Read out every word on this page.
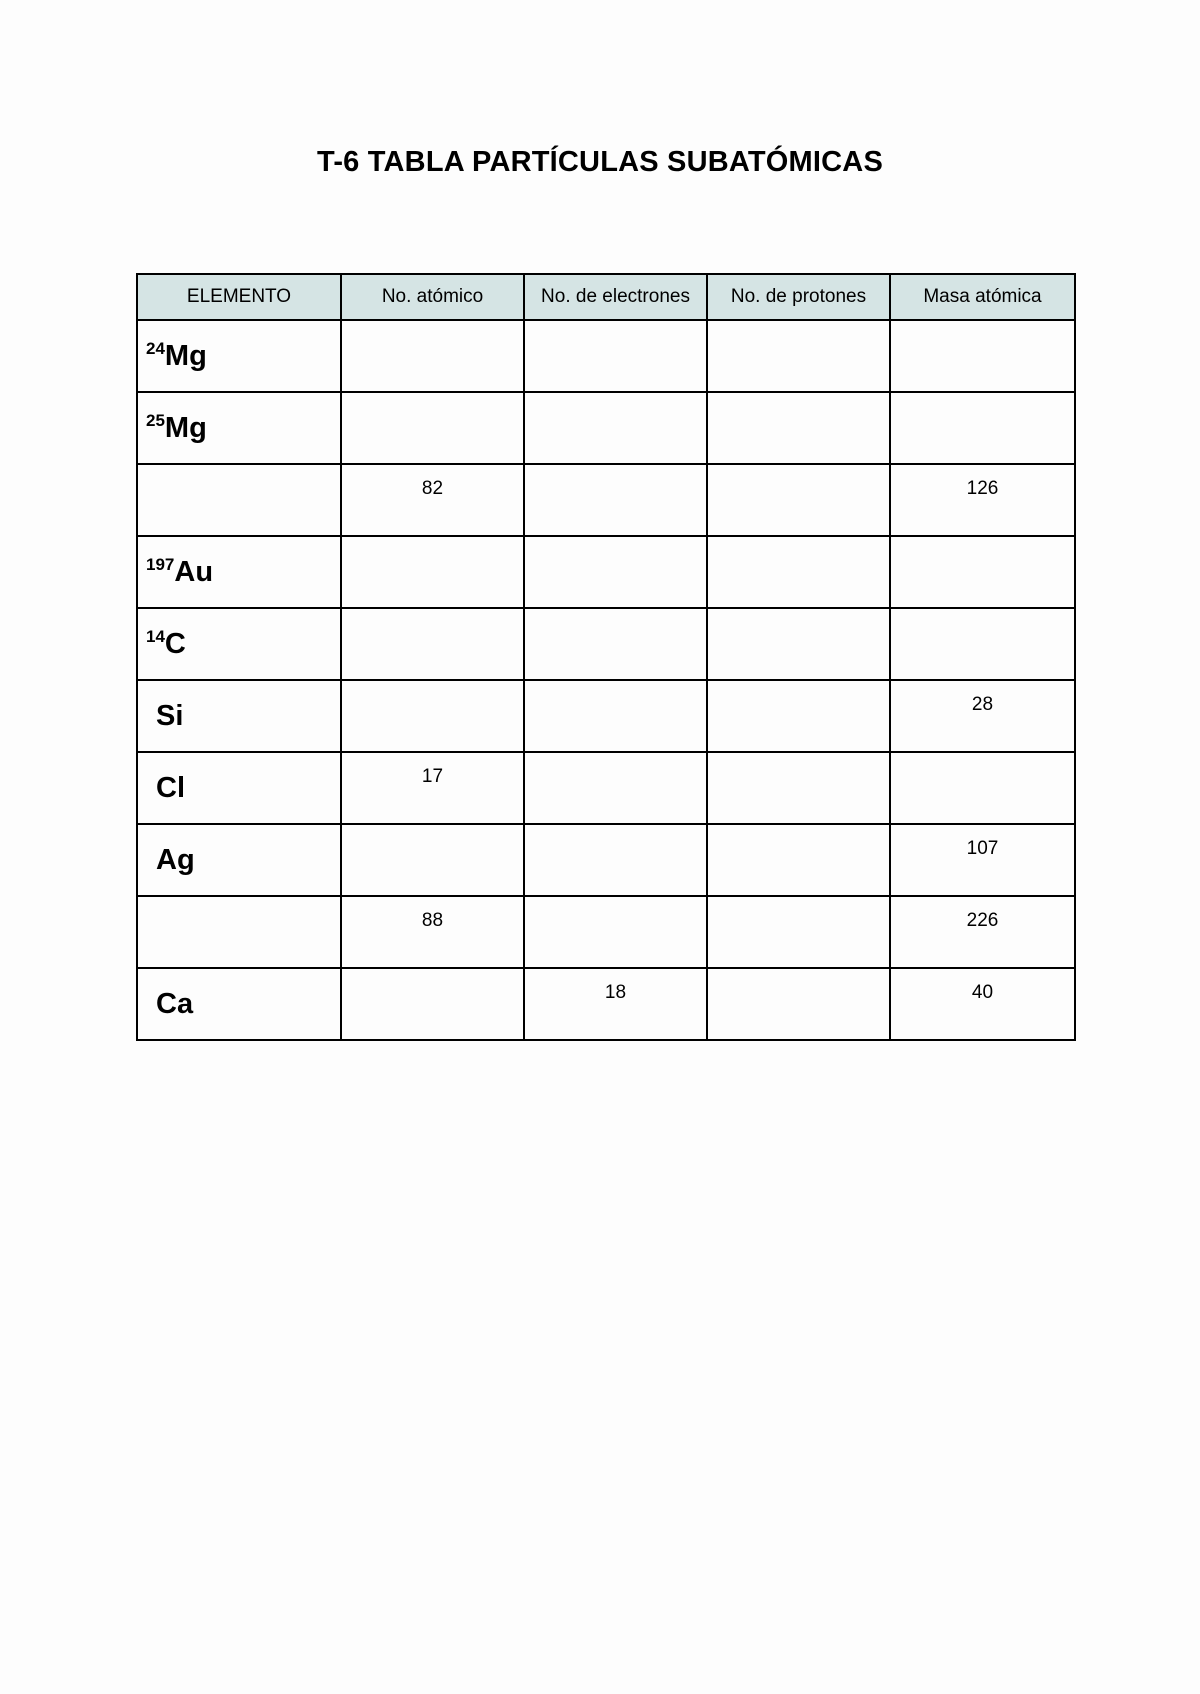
T-6 TABLA PARTÍCULAS SUBATÓMICAS
ELEMENTO	No. atómico	No. de electrones	No. de protones	Masa atómica
$^{24}$Mg				
$^{25}$Mg				
	82			126
$^{197}$Au				
$^{14}$C				
Si				28
Cl	17			
Ag				107
	88			226
Ca		18		40
